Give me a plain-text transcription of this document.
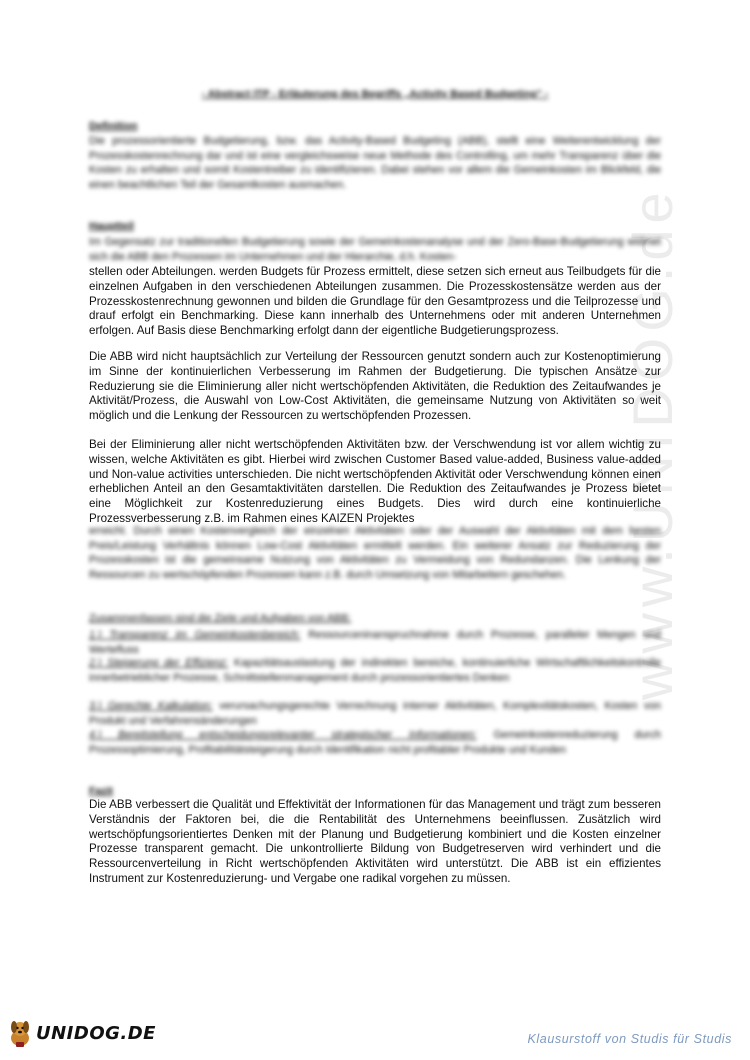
www.UNIDOG.de
- Abstract ITP - Erläuterung des Begriffs „Activity Based Budgeting“ -
Definition

Die prozessorientierte Budgetierung, bzw. das Activity-Based Budgeting (ABB), stellt eine Weiterentwicklung der Prozesskostenrechnung dar und ist eine vergleichsweise neue Methode des Controlling, um mehr Transparenz über die Kosten zu erhalten und somit Kostentreiber zu identifizieren. Dabei stehen vor allem die Gemeinkosten im Blickfeld, die einen beachtlichen Teil der Gesamtkosten ausmachen.

Hauptteil

Im Gegensatz zur traditionellen Budgetierung sowie der Gemeinkostenanalyse und der Zero-Base-Budgetierung widmet sich die ABB den Prozessen im Unternehmen und der Hierarchie, d.h. Kosten-

stellen oder Abteilungen. werden Budgets für Prozess ermittelt, diese setzen sich erneut aus Teilbudgets für die einzelnen Aufgaben in den verschiedenen Abteilungen zusammen. Die Prozesskostensätze werden aus der Prozesskostenrechnung gewonnen und bilden die Grundlage für den Gesamtprozess und die Teilprozesse und drauf erfolgt ein Benchmarking. Diese kann innerhalb des Unternehmens oder mit anderen Unternehmen erfolgen. Auf Basis diese Benchmarking erfolgt dann der eigentliche Budgetierungsprozess.

Die ABB wird nicht hauptsächlich zur Verteilung der Ressourcen genutzt sondern auch zur Kostenoptimierung im Sinne der kontinuierlichen Verbesserung im Rahmen der Budgetierung. Die typischen Ansätze zur Reduzierung sie die Eliminierung aller nicht wertschöpfenden Aktivitäten, die Reduktion des Zeitaufwandes je Aktivität/Prozess, die Auswahl von Low-Cost Aktivitäten, die gemeinsame Nutzung von Aktivitäten so weit möglich und die Lenkung der Ressourcen zu wertschöpfenden Prozessen.

Bei der Eliminierung aller nicht wertschöpfenden Aktivitäten bzw. der Verschwendung ist vor allem wichtig zu wissen, welche Aktivitäten es gibt. Hierbei wird zwischen Customer Based value-added, Business value-added und Non-value activities unterschieden. Die nicht wertschöpfenden Aktivität oder Verschwendung können einen erheblichen Anteil an den Gesamtaktivitäten darstellen. Die Reduktion des Zeitaufwandes je Prozess bietet eine Möglichkeit zur Kostenreduzierung eines Budgets. Dies wird durch eine kontinuierliche Prozessverbesserung z.B. im Rahmen eines KAIZEN Projektes

erreicht. Durch einen Kostenvergleich der einzelnen Aktivitäten oder der Auswahl der Aktivitäten mit dem besten Preis/Leistung Verhältnis können Low-Cost Aktivitäten ermittelt werden. Ein weiterer Ansatz zur Reduzierung der Prozesskosten ist die gemeinsame Nutzung von Aktivitäten zu Vermeidung von Redundanzen. Die Lenkung der Ressourcen zu wertschöpfenden Prozessen kann z.B. durch Umsetzung von Mitarbeitern geschehen.

Zusammenfassen sind die Ziele und Aufgaben von ABB:

1.) Transparenz im Gemeinkostenbereich: Ressourceninanspruchnahme durch Prozesse, paralleler Mengen und Wertefluss

2.) Steigerung der Effizienz: Kapazitätsauslastung der indirekten bereiche, kontinuierliche Wirtschaftlichkeitskontrolle innerbetrieblicher Prozesse, Schnittstellenmanagement durch prozessorientiertes Denken

3.) Gerechte Kalkulation: verursachungsgerechte Verrechnung interner Aktivitäten, Komplexitätskosten, Kosten von Produkt und Verfahrensänderungen

4.) Bereitstellung entscheidungsrelevanter strategischer Informationen: Gemeinkostenreduzierung durch Prozessoptimierung, Profitabilitätsteigerung durch Identifikation nicht profitabler Produkte und Kunden

Fazit

Die ABB verbessert die Qualität und Effektivität der Informationen für das Management und trägt zum besseren Verständnis der Faktoren bei, die die Rentabilität des Unternehmens beeinflussen. Zusätzlich wird wertschöpfungsorientiertes Denken mit der Planung und Budgetierung kombiniert und die Kosten einzelner Prozesse transparent gemacht. Die unkontrollierte Bildung von Budgetreserven wird verhindert und die Ressourcenverteilung in Richt wertschöpfenden Aktivitäten wird unterstützt. Die ABB ist ein effizientes Instrument zur Kostenreduzierung- und Vergabe one radikal vorgehen zu müssen.

UNIDOG.DE	Klausurstoff von Studis für Studis
